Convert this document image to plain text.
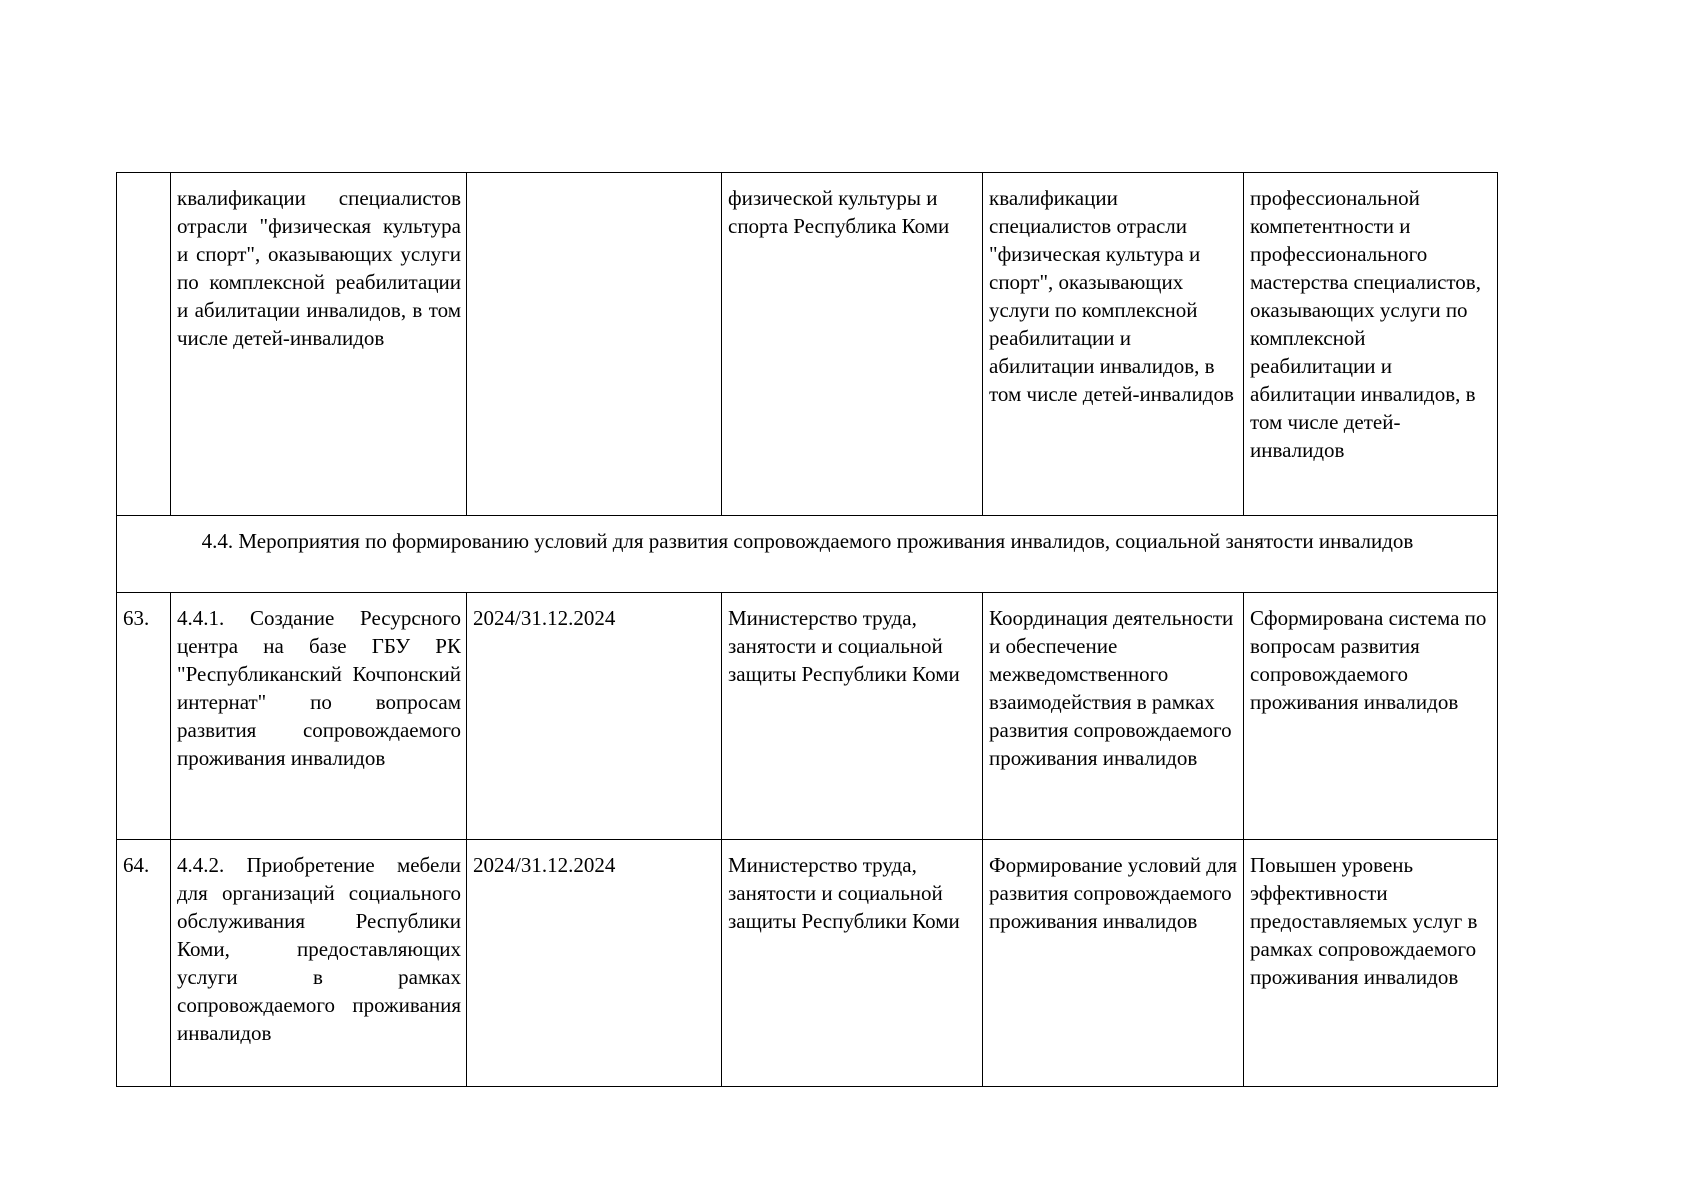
	квалификации специалистов отрасли "физическая культура и спорт", оказывающих услуги по комплексной реабилитации и абилитации инвалидов, в том числе детей-инвалидов		физической культуры и спорта Республика Коми	квалификации специалистов отрасли "физическая культура и спорт", оказывающих услуги по комплексной реабилитации и абилитации инвалидов, в том числе детей-инвалидов	профессиональной компетентности и профессионального мастерства специалистов, оказывающих услуги по комплексной реабилитации и абилитации инвалидов, в том числе детей-инвалидов
4.4. Мероприятия по формированию условий для развития сопровождаемого проживания инвалидов, социальной занятости инвалидов					
63.	4.4.1. Создание Ресурсного центра на базе ГБУ РК "Республиканский Кочпонский интернат" по вопросам развития сопровождаемого проживания инвалидов	2024/31.12.2024	Министерство труда, занятости и социальной защиты Республики Коми	Координация деятельности и обеспечение межведомственного взаимодействия в рамках развития сопровождаемого проживания инвалидов	Сформирована система по вопросам развития сопровождаемого проживания инвалидов
64.	4.4.2. Приобретение мебели для организаций социального обслуживания Республики Коми, предоставляющих услуги в рамках сопровождаемого проживания инвалидов	2024/31.12.2024	Министерство труда, занятости и социальной защиты Республики Коми	Формирование условий для развития сопровождаемого проживания инвалидов	Повышен уровень эффективности предоставляемых услуг в рамках сопровождаемого проживания инвалидов
